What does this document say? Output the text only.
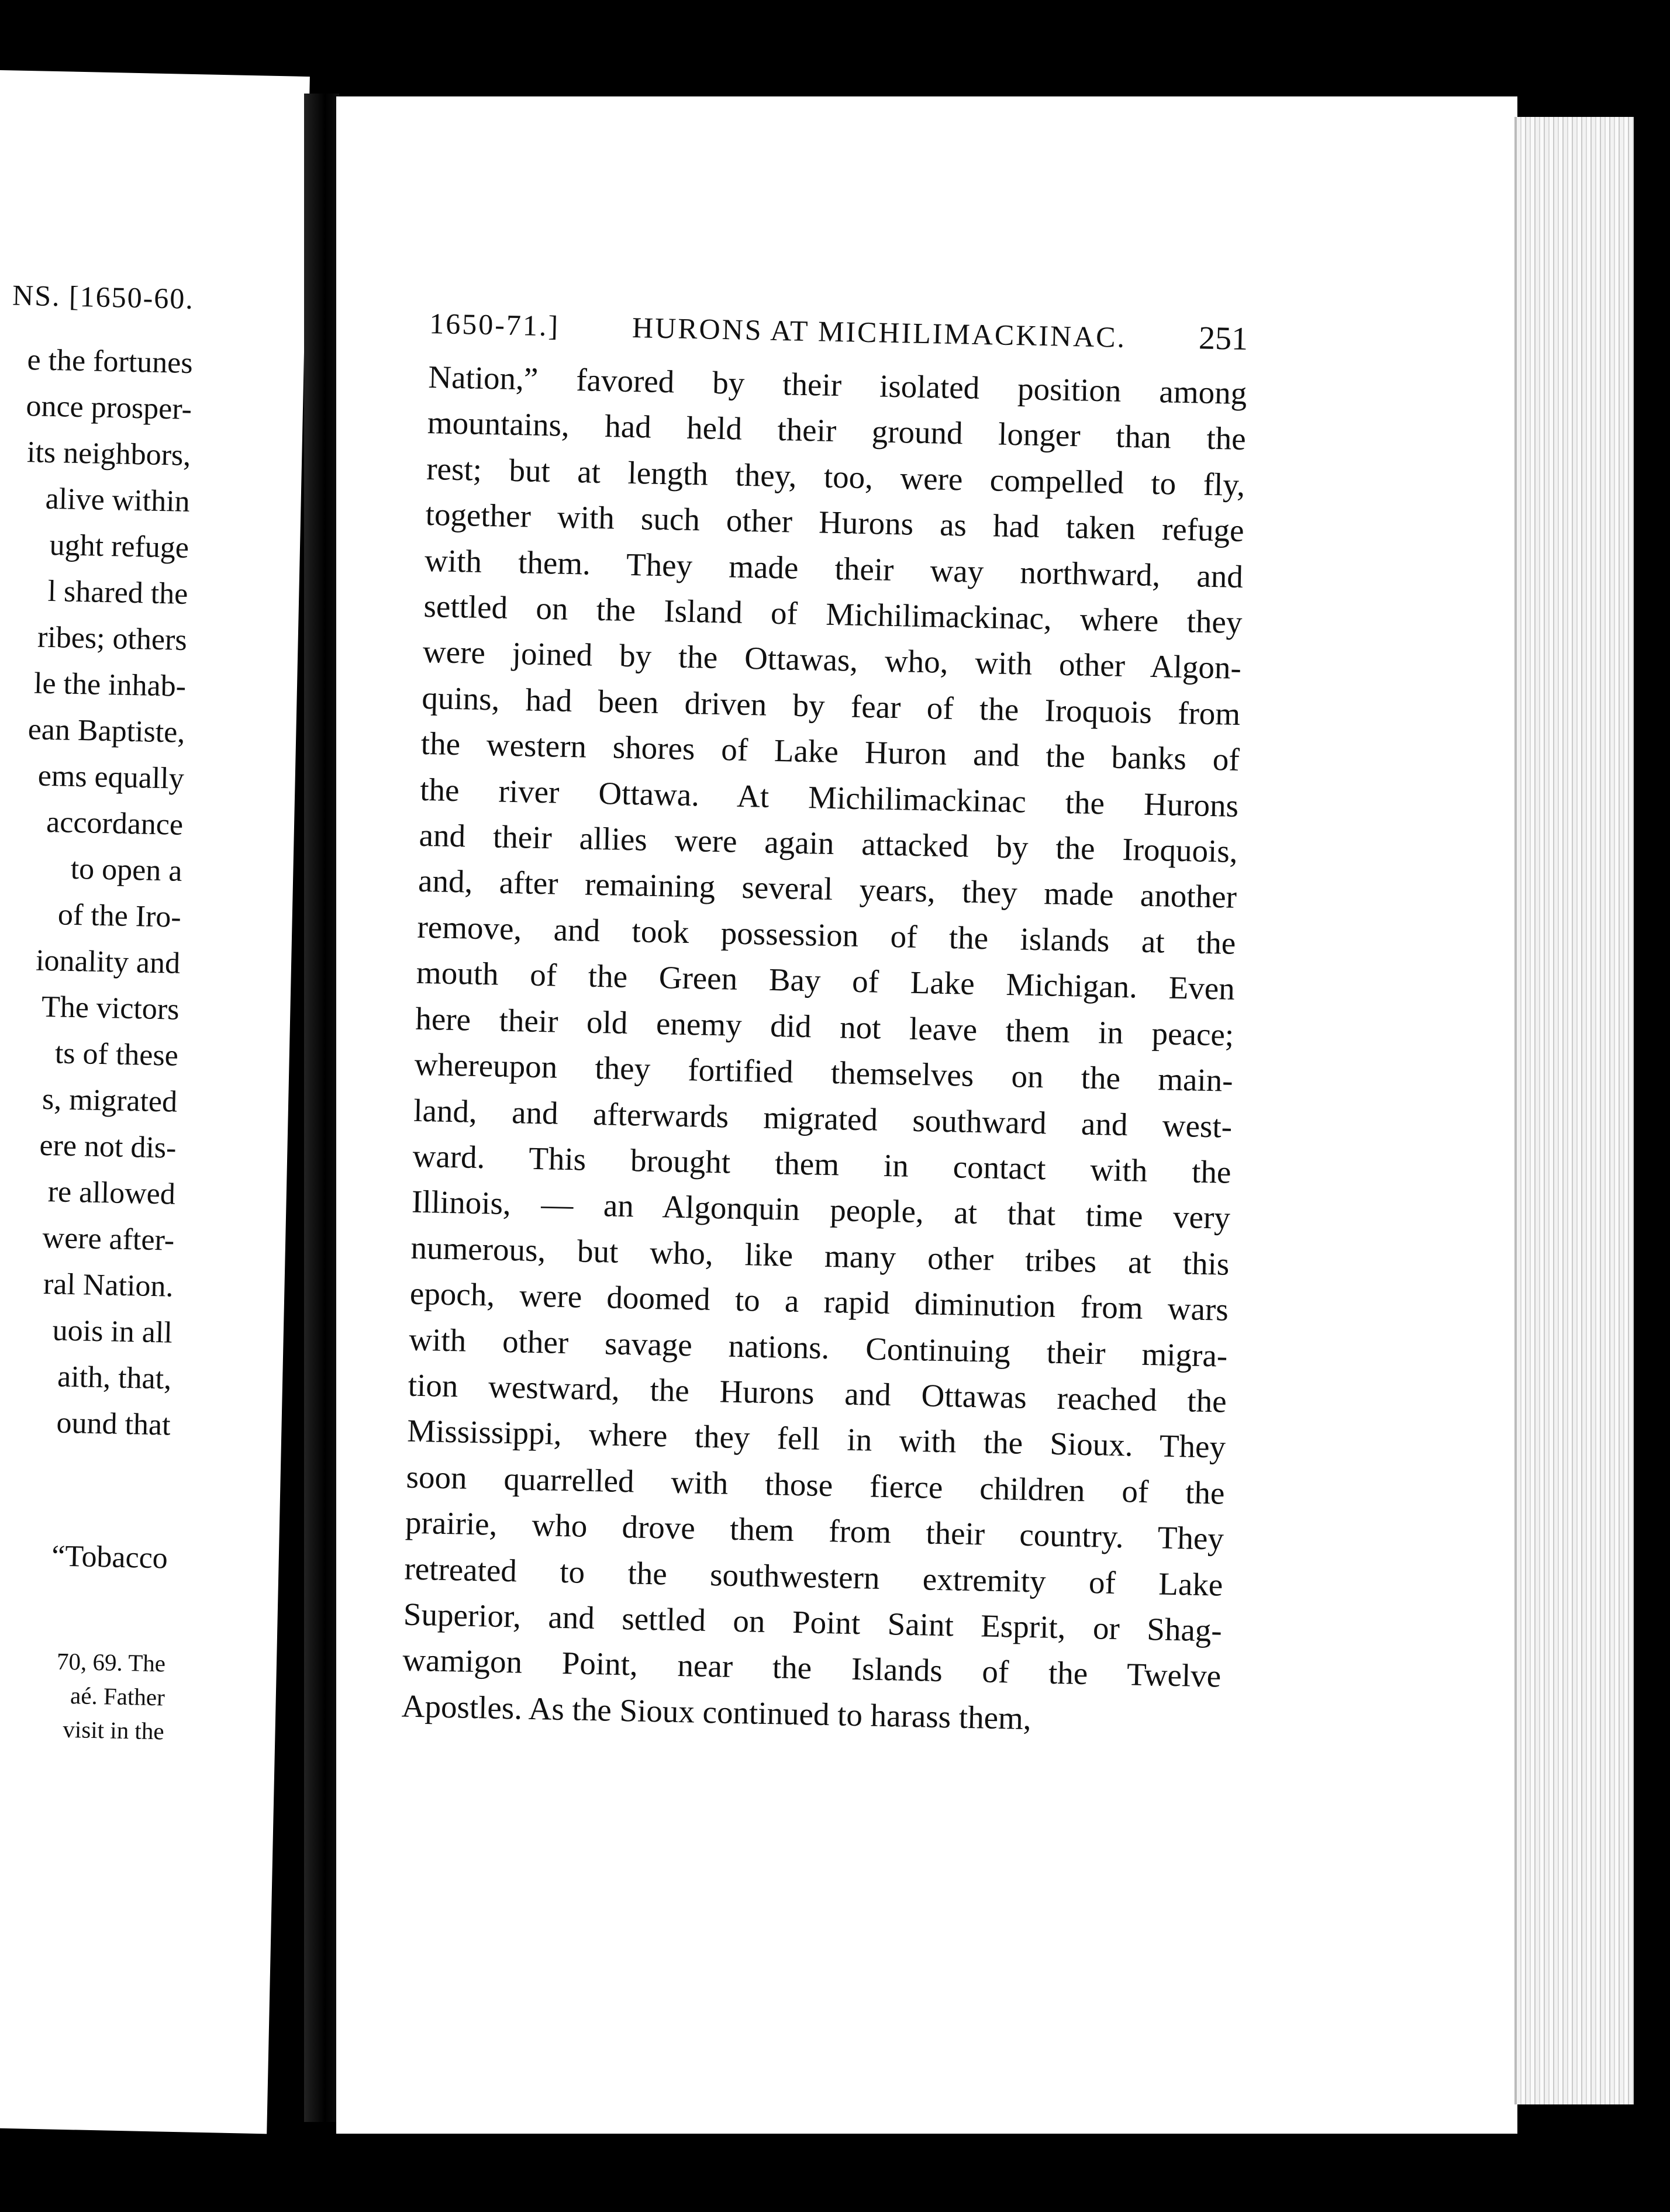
NS. [1650-60.
e the fortunes
once prosper-
its neighbors,
alive within
ught refuge
l shared the
ribes; others
le the inhab-
ean Baptiste,
ems equally
accordance
to open a
of the Iro-
ionality and
The victors
ts of these
s, migrated
ere not dis-
re allowed
were after-
ral Nation.
uois in all
aith, that,
ound that
“Tobacco
70, 69. The
aé. Father
visit in the
1650-71.] HURONS AT MICHILIMACKINAC. 251
Nation,” favored by their isolated position among
mountains, had held their ground longer than the
rest; but at length they, too, were compelled to fly,
together with such other Hurons as had taken refuge
with them. They made their way northward, and
settled on the Island of Michilimackinac, where they
were joined by the Ottawas, who, with other Algon-
quins, had been driven by fear of the Iroquois from
the western shores of Lake Huron and the banks of
the river Ottawa. At Michilimackinac the Hurons
and their allies were again attacked by the Iroquois,
and, after remaining several years, they made another
remove, and took possession of the islands at the
mouth of the Green Bay of Lake Michigan. Even
here their old enemy did not leave them in peace;
whereupon they fortified themselves on the main-
land, and afterwards migrated southward and west-
ward. This brought them in contact with the
Illinois, — an Algonquin people, at that time very
numerous, but who, like many other tribes at this
epoch, were doomed to a rapid diminution from wars
with other savage nations. Continuing their migra-
tion westward, the Hurons and Ottawas reached the
Mississippi, where they fell in with the Sioux. They
soon quarrelled with those fierce children of the
prairie, who drove them from their country. They
retreated to the southwestern extremity of Lake
Superior, and settled on Point Saint Esprit, or Shag-
wamigon Point, near the Islands of the Twelve
Apostles. As the Sioux continued to harass them,
